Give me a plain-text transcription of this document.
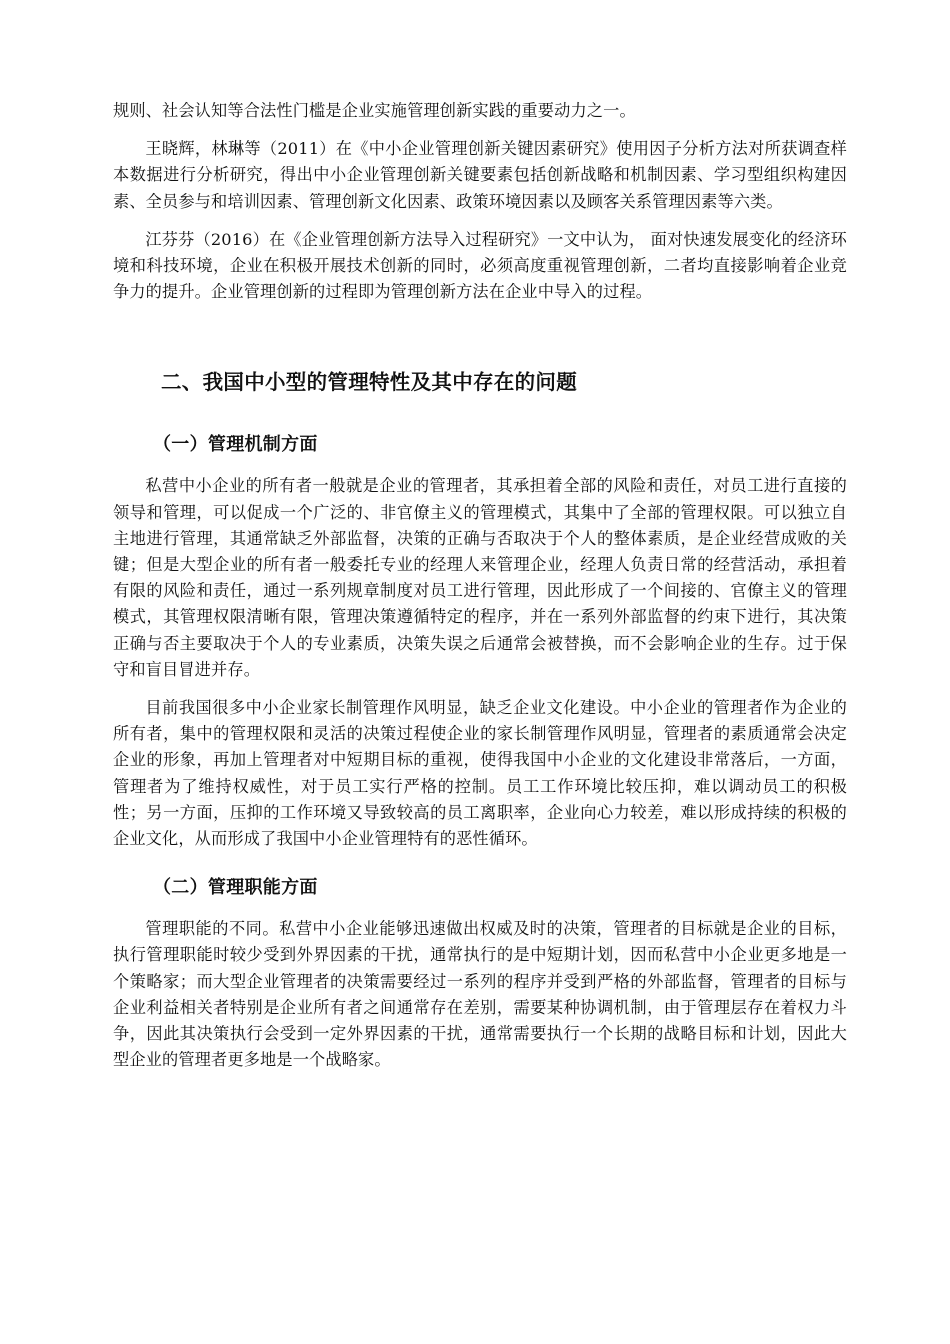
规则、社会认知等合法性门槛是企业实施管理创新实践的重要动力之一。

王晓辉，林琳等（2011）在《中小企业管理创新关键因素研究》使用因子分析方法对所获调查样本数据进行分析研究，得出中小企业管理创新关键要素包括创新战略和机制因素、学习型组织构建因素、全员参与和培训因素、管理创新文化因素、政策环境因素以及顾客关系管理因素等六类。

江芬芬（2016）在《企业管理创新方法导入过程研究》一文中认为， 面对快速发展变化的经济环境和科技环境，企业在积极开展技术创新的同时，必须高度重视管理创新，二者均直接影响着企业竞争力的提升。企业管理创新的过程即为管理创新方法在企业中导入的过程。

二、我国中小型的管理特性及其中存在的问题
（一）管理机制方面

私营中小企业的所有者一般就是企业的管理者，其承担着全部的风险和责任，对员工进行直接的领导和管理，可以促成一个广泛的、非官僚主义的管理模式，其集中了全部的管理权限。可以独立自主地进行管理，其通常缺乏外部监督，决策的正确与否取决于个人的整体素质，是企业经营成败的关键；但是大型企业的所有者一般委托专业的经理人来管理企业，经理人负责日常的经营活动，承担着有限的风险和责任，通过一系列规章制度对员工进行管理，因此形成了一个间接的、官僚主义的管理模式，其管理权限清晰有限，管理决策遵循特定的程序，并在一系列外部监督的约束下进行，其决策正确与否主要取决于个人的专业素质，决策失误之后通常会被替换，而不会影响企业的生存。过于保守和盲目冒进并存。

目前我国很多中小企业家长制管理作风明显，缺乏企业文化建设。中小企业的管理者作为企业的所有者，集中的管理权限和灵活的决策过程使企业的家长制管理作风明显，管理者的素质通常会决定企业的形象，再加上管理者对中短期目标的重视，使得我国中小企业的文化建设非常落后，一方面，管理者为了维持权威性，对于员工实行严格的控制。员工工作环境比较压抑，难以调动员工的积极性；另一方面，压抑的工作环境又导致较高的员工离职率，企业向心力较差，难以形成持续的积极的企业文化，从而形成了我国中小企业管理特有的恶性循环。

（二）管理职能方面

管理职能的不同。私营中小企业能够迅速做出权威及时的决策，管理者的目标就是企业的目标，执行管理职能时较少受到外界因素的干扰，通常执行的是中短期计划，因而私营中小企业更多地是一个策略家；而大型企业管理者的决策需要经过一系列的程序并受到严格的外部监督，管理者的目标与企业利益相关者特别是企业所有者之间通常存在差别，需要某种协调机制，由于管理层存在着权力斗争，因此其决策执行会受到一定外界因素的干扰，通常需要执行一个长期的战略目标和计划，因此大型企业的管理者更多地是一个战略家。
